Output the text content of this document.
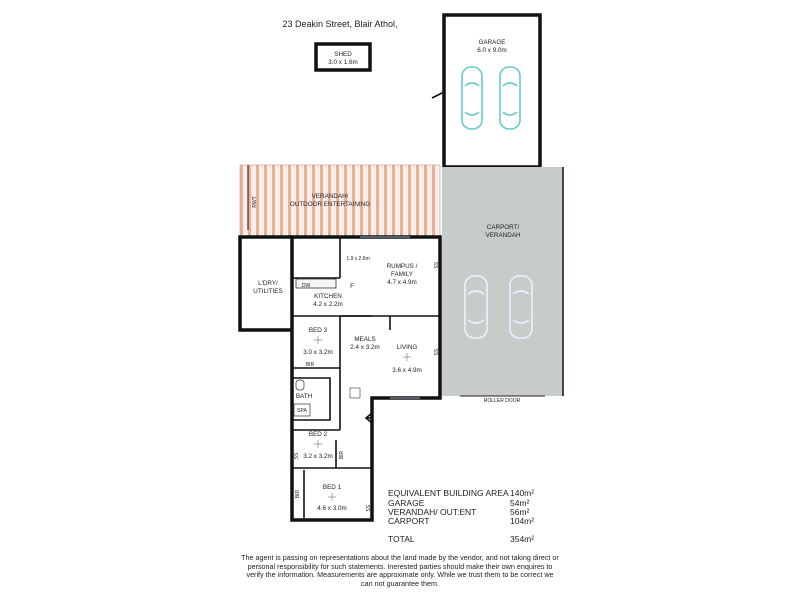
23 Deakin Street, Blair Athol,
SHED
3.0 x 1.6m
GARAGE
6.0 x 9.0m
RWT	VERANDAH/
OUTDOOR ENTERTAINING
CARPORT/
VERANDAH
ROLLER DOOR
L'DRY/
UTILITIES
1.9 x 2.6m
RUMPUS /
FAMILY
4.7 x 4.9m
SS
DW	F
KITCHEN
4.2 x 2.2m
BED 3
3.0 x 3.2m
BIR
MEALS
2.4 x 3.2m	LIVING
3.6 x 4.9m
SS
BATH
SPA
BED 2
3.2 x 3.2m
SS	BIR
BED 1
4.6 x 3.0m
BIR
SS
EQUIVALENT BUILDING AREA 140m²
GARAGE	54m²
VERANDAH/ OUT:ENT	56m²
CARPORT	104m²
TOTAL	354m²
The agent is passing on representations about the land made by the vendor, and not taking direct or personal responsibility for such statements. Inerested parties should make their own enquires to verify the information. Measurements are approximate only. While we trust them to be correct we can not guarantee them.
